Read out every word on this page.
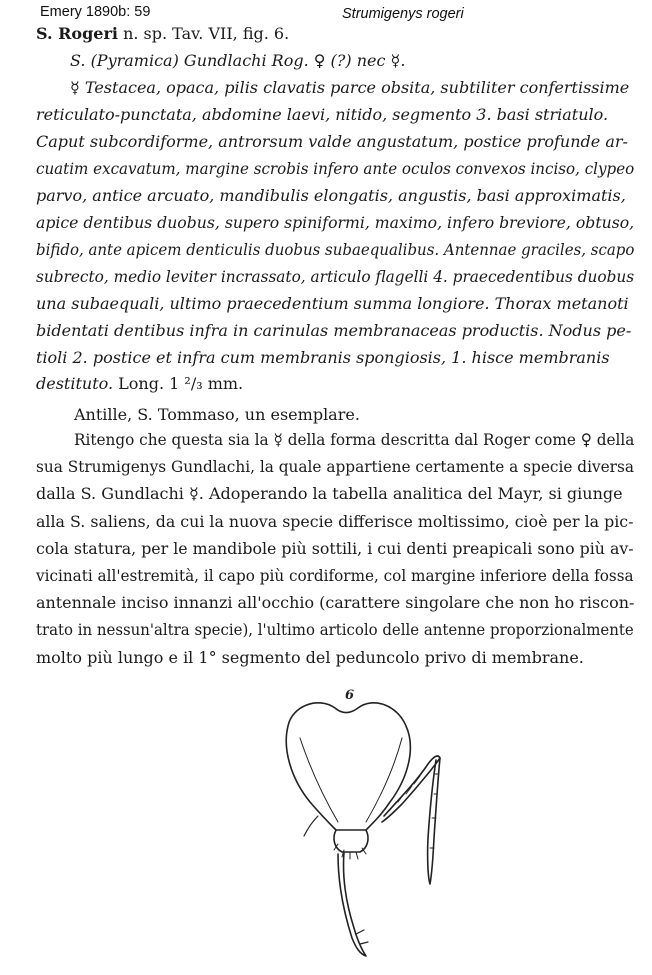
Emery 1890b: 59	Strumigenys rogeri
S. Rogeri n. sp. Tav. VII, fig. 6.
S. (Pyramica) Gundlachi Rog. ♀ (?) nec ☿.
☿ Testacea, opaca, pilis clavatis parce obsita, subtiliter confertissime
reticulato-punctata, abdomine laevi, nitido, segmento 3. basi striatulo.
Caput subcordiforme, antrorsum valde angustatum, postice profunde ar-
cuatim excavatum, margine scrobis infero ante oculos convexos inciso, clypeo
parvo, antice arcuato, mandibulis elongatis, angustis, basi approximatis,
apice dentibus duobus, supero spiniformi, maximo, infero breviore, obtuso,
bifido, ante apicem denticulis duobus subaequalibus. Antennae graciles, scapo
subrecto, medio leviter incrassato, articulo flagelli 4. praecedentibus duobus
una subaequali, ultimo praecedentium summa longiore. Thorax metanoti
bidentati dentibus infra in carinulas membranaceas productis. Nodus pe-
tioli 2. postice et infra cum membranis spongiosis, 1. hisce membranis
destituto. Long. 1 ²/₃ mm.
Antille, S. Tommaso, un esemplare.
Ritengo che questa sia la ☿ della forma descritta dal Roger come ♀ della
sua Strumigenys Gundlachi, la quale appartiene certamente a specie diversa
dalla S. Gundlachi ☿. Adoperando la tabella analitica del Mayr, si giunge
alla S. saliens, da cui la nuova specie differisce moltissimo, cioè per la pic-
cola statura, per le mandibole più sottili, i cui denti preapicali sono più av-
vicinati all'estremità, il capo più cordiforme, col margine inferiore della fossa
antennale inciso innanzi all'occhio (carattere singolare che non ho riscon-
trato in nessun'altra specie), l'ultimo articolo delle antenne proporzionalmente
molto più lungo e il 1° segmento del peduncolo privo di membrane.
6
